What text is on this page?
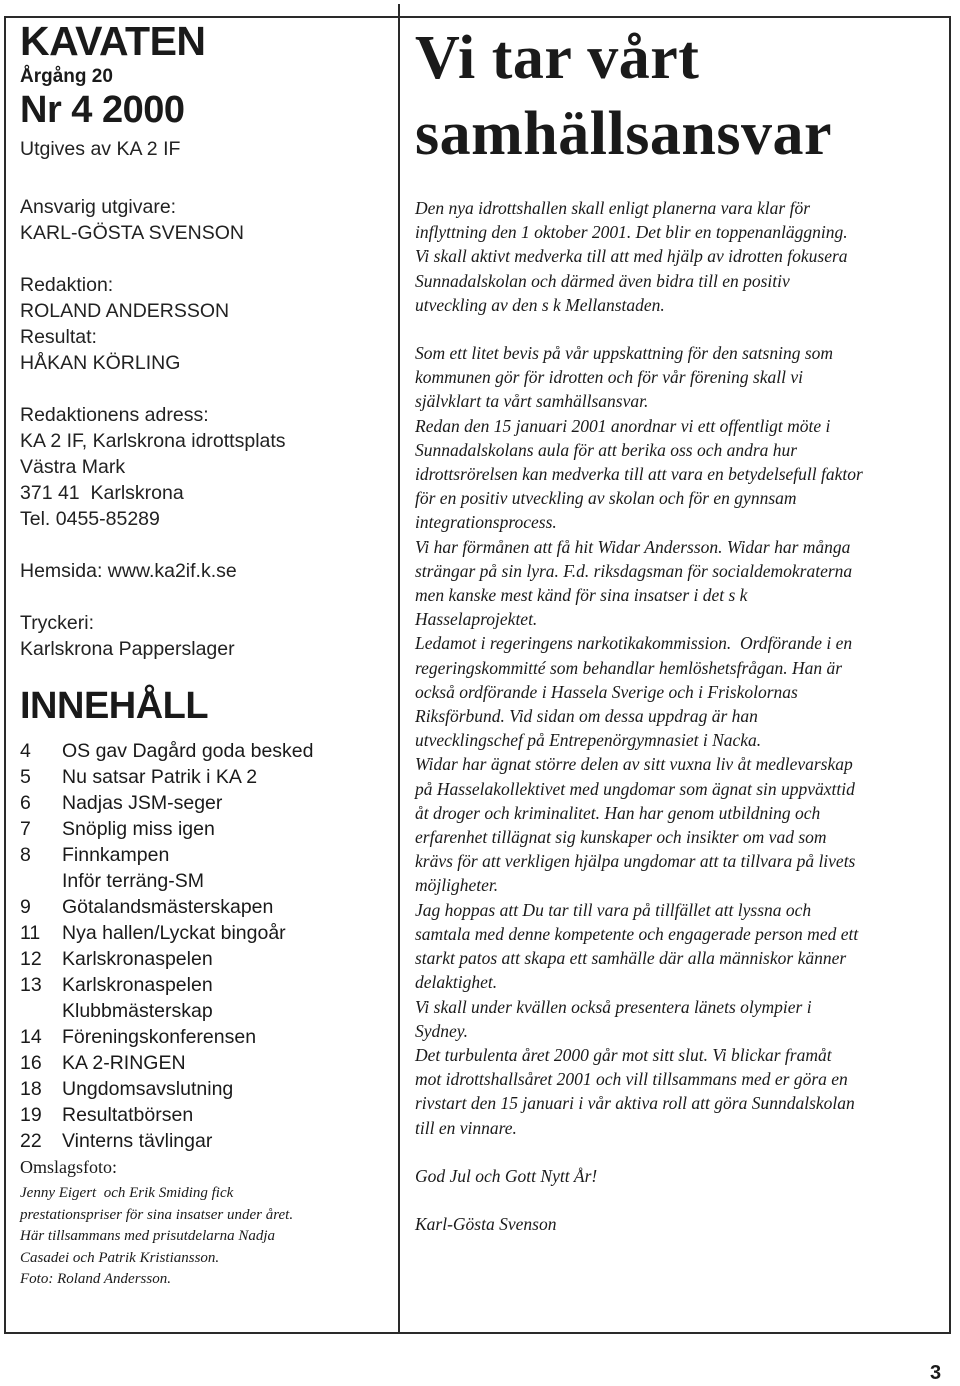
KAVATEN
Årgång 20
Nr 4 2000
Utgives av KA 2 IF
Ansvarig utgivare:
KARL-GÖSTA SVENSON
Redaktion:
ROLAND ANDERSSON
Resultat:
HÅKAN KÖRLING
Redaktionens adress:
KA 2 IF, Karlskrona idrottsplats
Västra Mark
371 41  Karlskrona
Tel. 0455-85289
Hemsida: www.ka2if.k.se
Tryckeri:
Karlskrona Papperslager
INNEHÅLL
4	OS gav Dagård goda besked
5	Nu satsar Patrik i KA 2
6	Nadjas JSM-seger
7	Snöplig miss igen
8	Finnkampen
Inför terräng-SM
9	Götalandsmästerskapen
11	Nya hallen/Lyckat bingoår
12	Karlskronaspelen
13	Karlskronaspelen
Klubbmästerskap
14	Föreningskonferensen
16	KA 2-RINGEN
18	Ungdomsavslutning
19	Resultatbörsen
22	Vinterns tävlingar
Omslagsfoto:
Jenny Eigert  och Erik Smiding fick
prestationspriser för sina insatser under året.
Här tillsammans med prisutdelarna Nadja
Casadei och Patrik Kristiansson.
Foto: Roland Andersson.
Vi tar vårt
samhällsansvar
Den nya idrottshallen skall enligt planerna vara klar för
inflyttning den 1 oktober 2001. Det blir en toppenanläggning.
Vi skall aktivt medverka till att med hjälp av idrotten fokusera
Sunnadalskolan och därmed även bidra till en positiv
utveckling av den s k Mellanstaden.
Som ett litet bevis på vår uppskattning för den satsning som
kommunen gör för idrotten och för vår förening skall vi
självklart ta vårt samhällsansvar.
Redan den 15 januari 2001 anordnar vi ett offentligt möte i
Sunnadalskolans aula för att berika oss och andra hur
idrottsrörelsen kan medverka till att vara en betydelsefull faktor
för en positiv utveckling av skolan och för en gynnsam
integrationsprocess.
Vi har förmånen att få hit Widar Andersson. Widar har många
strängar på sin lyra. F.d. riksdagsman för socialdemokraterna
men kanske mest känd för sina insatser i det s k
Hasselaprojektet.
Ledamot i regeringens narkotikakommission.  Ordförande i en
regeringskommitté som behandlar hemlöshetsfrågan. Han är
också ordförande i Hassela Sverige och i Friskolornas
Riksförbund. Vid sidan om dessa uppdrag är han
utvecklingschef på Entrepenörgymnasiet i Nacka.
Widar har ägnat större delen av sitt vuxna liv åt medlevarskap
på Hasselakollektivet med ungdomar som ägnat sin uppväxttid
åt droger och kriminalitet. Han har genom utbildning och
erfarenhet tillägnat sig kunskaper och insikter om vad som
krävs för att verkligen hjälpa ungdomar att ta tillvara på livets
möjligheter.
Jag hoppas att Du tar till vara på tillfället att lyssna och
samtala med denne kompetente och engagerade person med ett
starkt patos att skapa ett samhälle där alla människor känner
delaktighet.
Vi skall under kvällen också presentera länets olympier i
Sydney.
Det turbulenta året 2000 går mot sitt slut. Vi blickar framåt
mot idrottshallsåret 2001 och vill tillsammans med er göra en
rivstart den 15 januari i vår aktiva roll att göra Sunndalskolan
till en vinnare.

God Jul och Gott Nytt År!

Karl-Gösta Svenson

3
